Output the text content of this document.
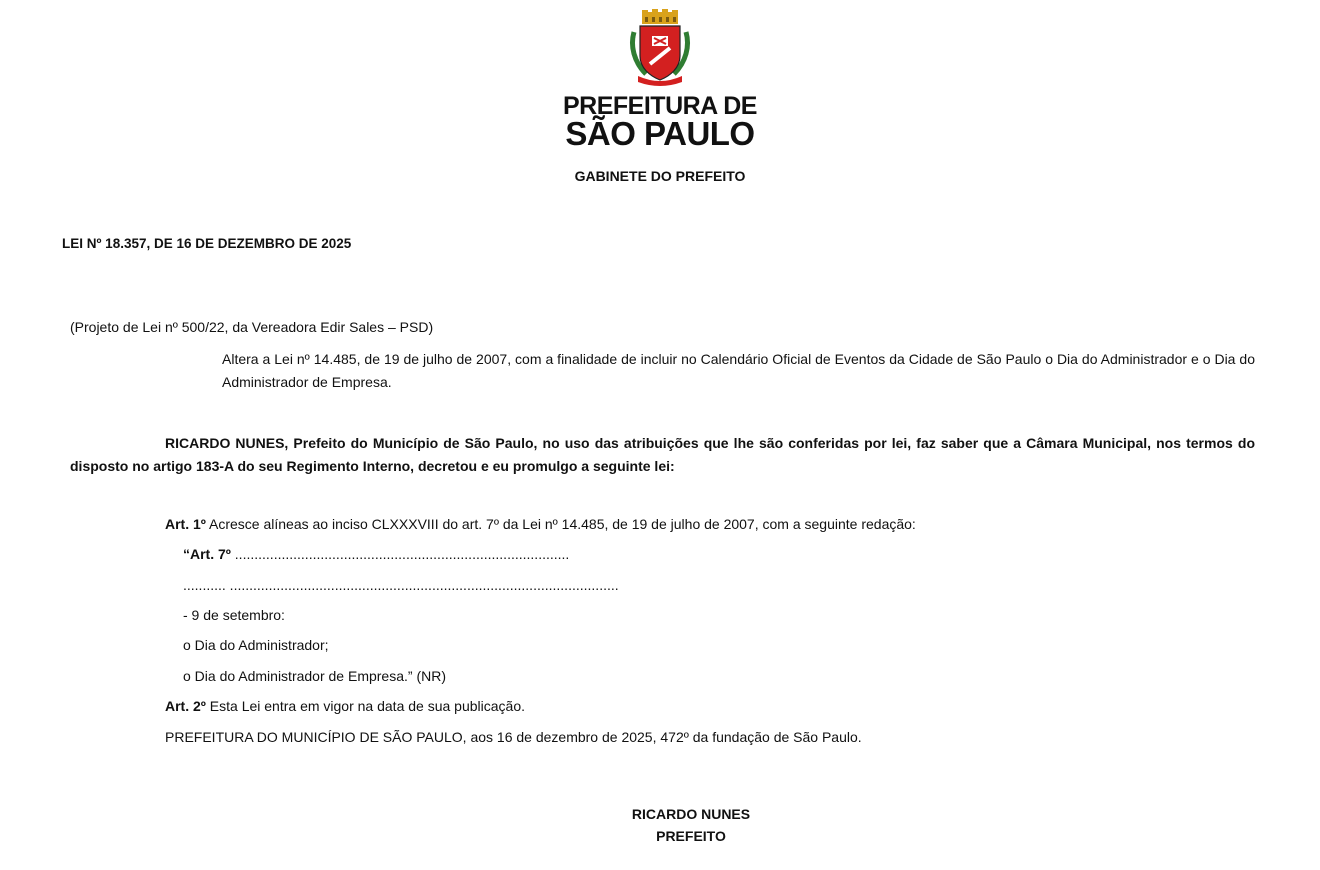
PREFEITURA DE
SÃO PAULO
GABINETE DO PREFEITO
LEI Nº 18.357, DE 16 DE DEZEMBRO DE 2025
(Projeto de Lei nº 500/22, da Vereadora Edir Sales – PSD)
Altera a Lei nº 14.485, de 19 de julho de 2007, com a finalidade de incluir no Calendário Oficial de Eventos da Cidade de São Paulo o Dia do Administrador e o Dia do Administrador de Empresa.
RICARDO NUNES, Prefeito do Município de São Paulo, no uso das atribuições que lhe são conferidas por lei, faz saber que a Câmara Municipal, nos termos do disposto no artigo 183-A do seu Regimento Interno, decretou e eu promulgo a seguinte lei:
Art. 1º Acresce alíneas ao inciso CLXXXVIII do art. 7º da Lei nº 14.485, de 19 de julho de 2007, com a seguinte redação:
“Art. 7º ......................................................................................
........... ....................................................................................................
- 9 de setembro:
o Dia do Administrador;
o Dia do Administrador de Empresa.” (NR)
Art. 2º Esta Lei entra em vigor na data de sua publicação.
PREFEITURA DO MUNICÍPIO DE SÃO PAULO, aos 16 de dezembro de 2025, 472º da fundação de São Paulo.
RICARDO NUNES
PREFEITO
